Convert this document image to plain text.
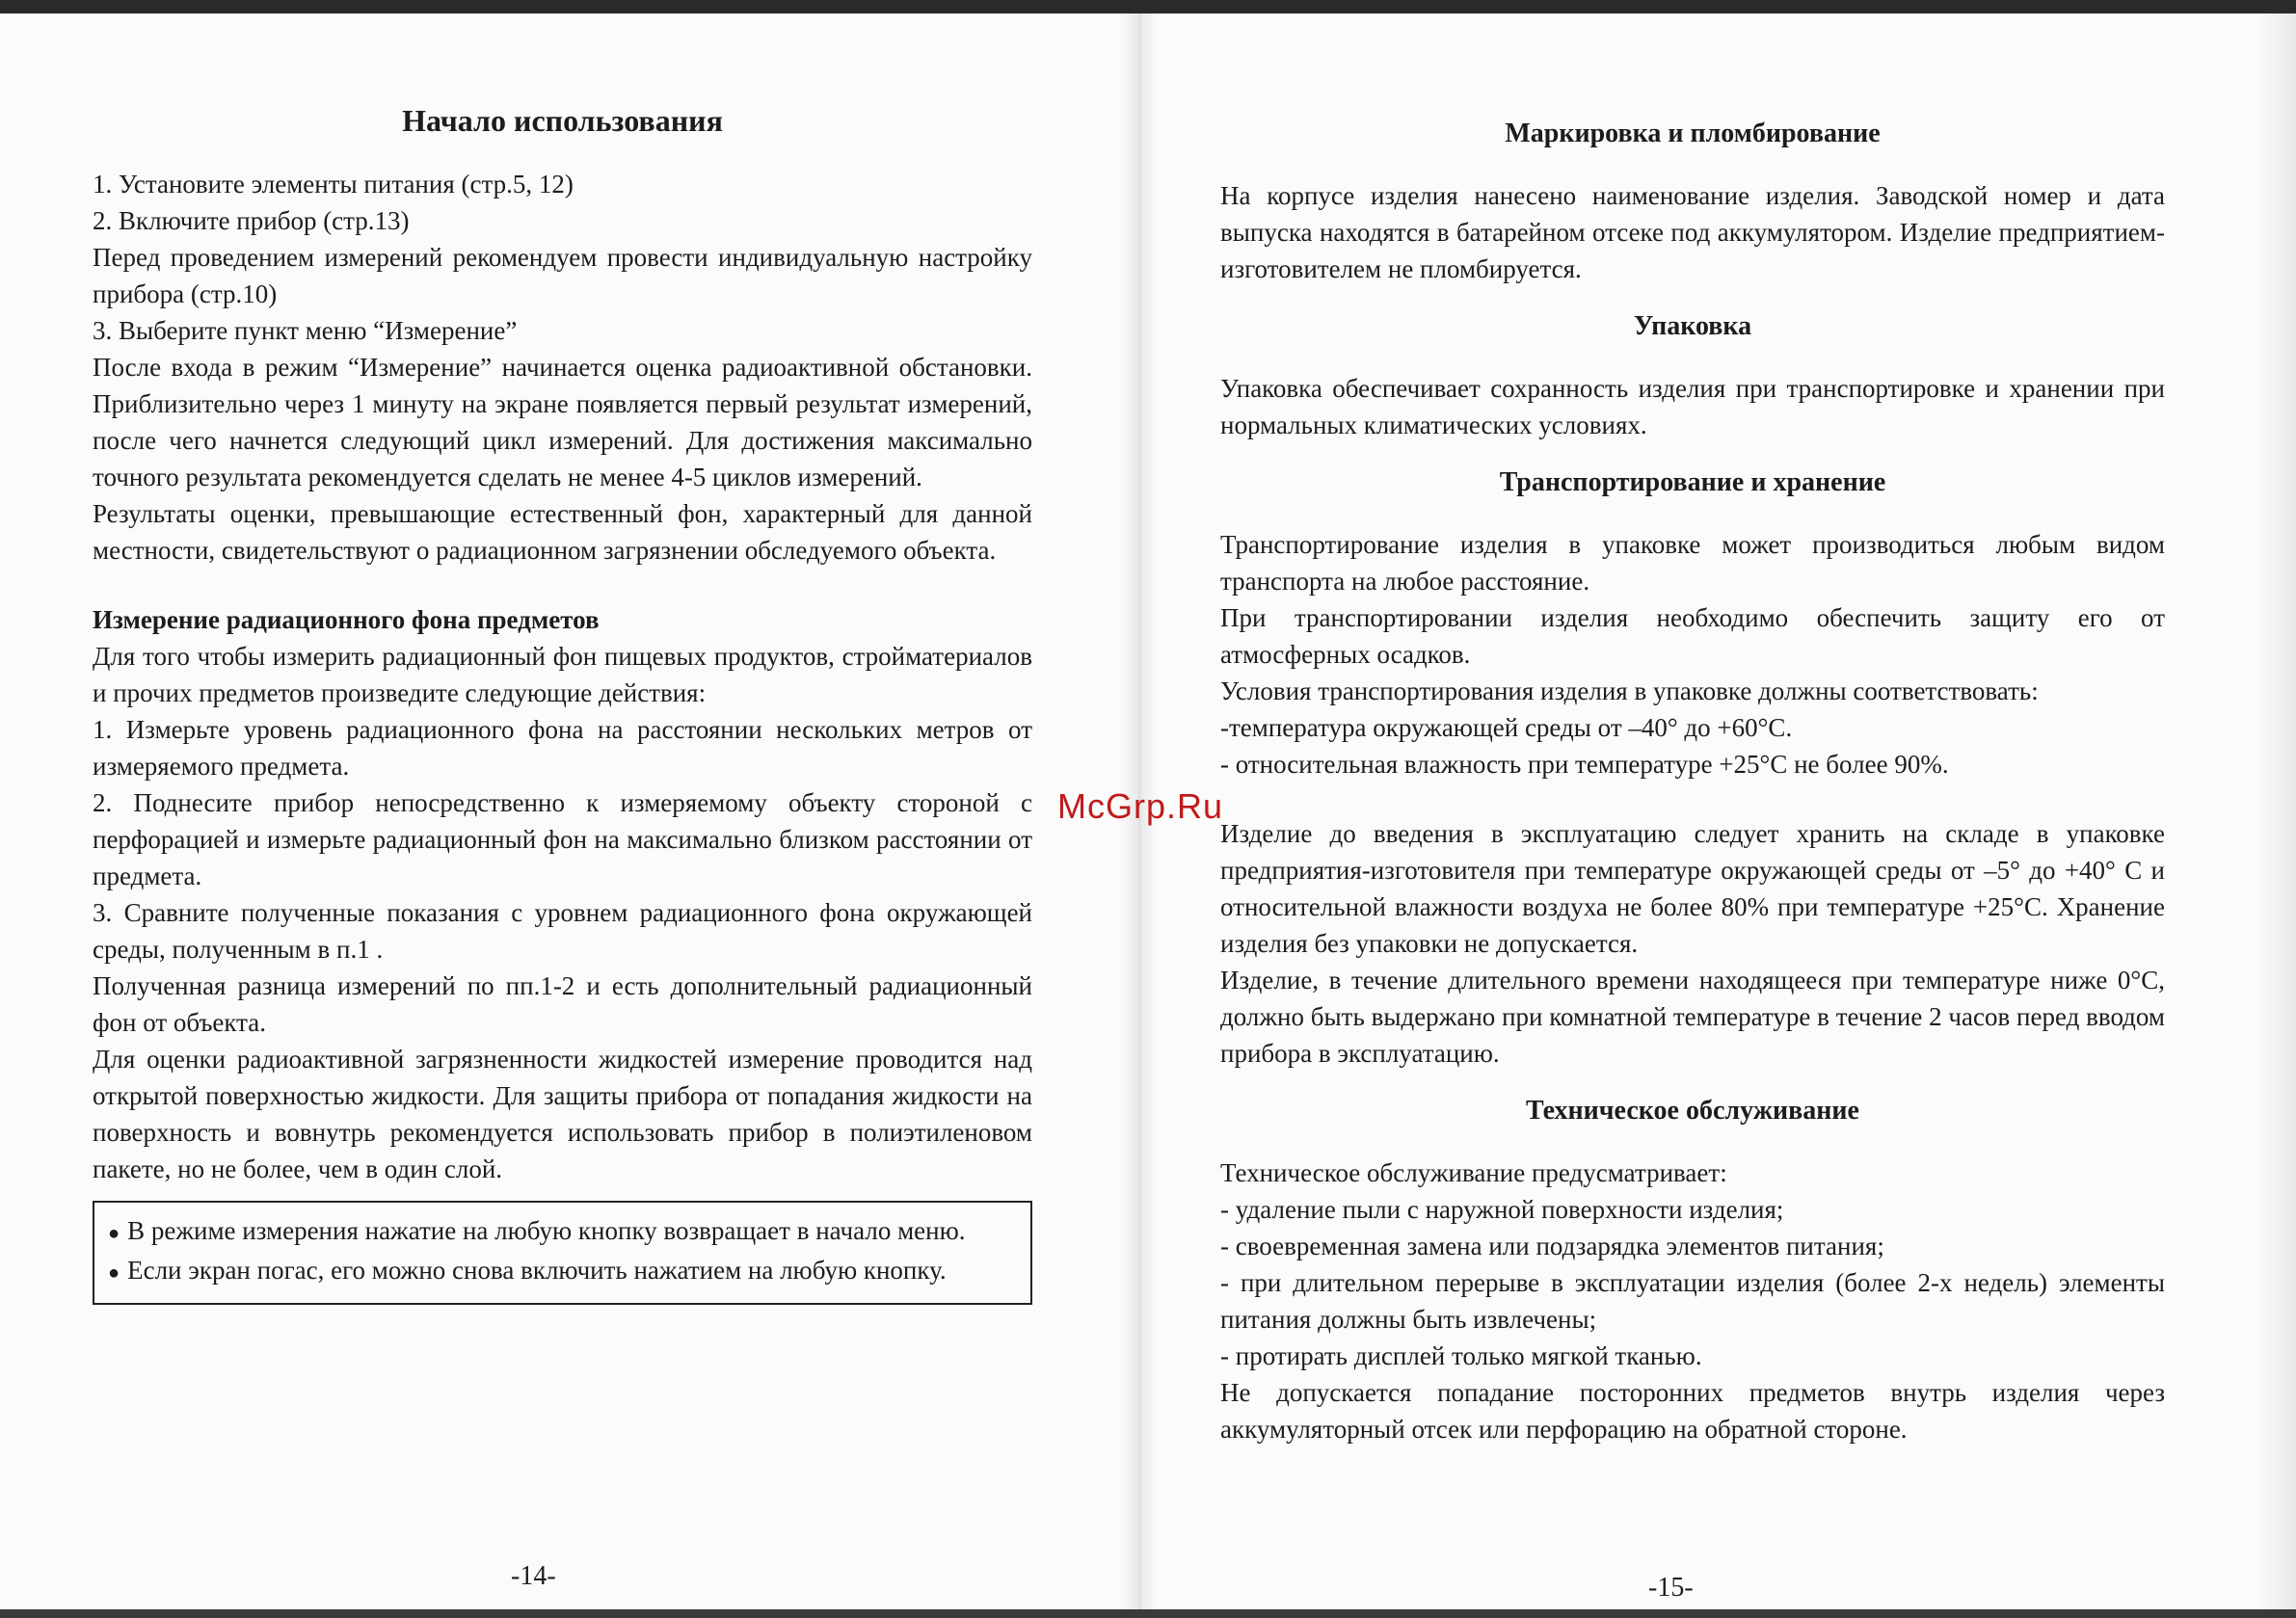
Начало использования

1. Установите элементы питания (стр.5, 12)

2. Включите прибор (стр.13)

Перед проведением измерений рекомендуем провести индивидуальную настройку прибора (стр.10)

3. Выберите пункт меню “Измерение”

После входа в режим “Измерение” начинается оценка радиоактивной обстановки. Приблизительно через 1 минуту на экране появляется первый результат измерений, после чего начнется следующий цикл измерений. Для достижения максимально точного результата рекомендуется сделать не менее 4-5 циклов измерений.

Результаты оценки, превышающие естественный фон, характерный для данной местности, свидетельствуют о радиационном загрязнении обследуемого объекта.

Измерение радиационного фона предметов

Для того чтобы измерить радиационный фон пищевых продуктов, стройматериалов и прочих предметов произведите следующие действия:

1. Измерьте уровень радиационного фона на расстоянии нескольких метров от измеряемого предмета.

2. Поднесите прибор непосредственно к измеряемому объекту стороной с перфорацией и измерьте радиационный фон на максимально близком расстоянии от предмета.

3. Сравните полученные показания с уровнем радиационного фона окружающей среды, полученным в п.1 .

Полученная разница измерений по пп.1-2 и есть дополнительный радиационный фон от объекта.

Для оценки радиоактивной загрязненности жидкостей измерение проводится над открытой поверхностью жидкости. Для защиты прибора от попадания жидкости на поверхность и вовнутрь рекомендуется использовать прибор в полиэтиленовом пакете, но не более, чем в один слой.

● В режиме измерения нажатие на любую кнопку возвращает в начало меню.
● Если экран погас, его можно снова включить нажатием на любую кнопку.
-14-
Маркировка и пломбирование

На корпусе изделия нанесено наименование изделия. Заводской номер и дата выпуска находятся в батарейном отсеке под аккумулятором. Изделие предприятием-изготовителем не пломбируется.

Упаковка

Упаковка обеспечивает сохранность изделия при транспортировке и хранении при нормальных климатических условиях.

Транспортирование и хранение

Транспортирование изделия в упаковке может производиться любым видом транспорта на любое расстояние.

При транспортировании изделия необходимо обеспечить защиту его от атмосферных осадков.

Условия транспортирования изделия в упаковке должны соответствовать:

-температура окружающей среды от –40° до +60°С.

- относительная влажность при температуре +25°С не более 90%.

Изделие до введения в эксплуатацию следует хранить на складе в упаковке предприятия-изготовителя при температуре окружающей среды от –5° до +40° С и относительной влажности воздуха не более 80% при температуре +25°С. Хранение изделия без упаковки не допускается.

Изделие, в течение длительного времени находящееся при температуре ниже 0°С, должно быть выдержано при комнатной температуре в течение 2 часов перед вводом прибора в эксплуатацию.

Техническое обслуживание

Техническое обслуживание предусматривает:

- удаление пыли с наружной поверхности изделия;

- своевременная замена или подзарядка элементов питания;

- при длительном перерыве в эксплуатации изделия (более 2-х недель) элементы питания должны быть извлечены;

- протирать дисплей только мягкой тканью.

Не допускается попадание посторонних предметов внутрь изделия через аккумуляторный отсек или перфорацию на обратной стороне.

-15-
McGrp.Ru
